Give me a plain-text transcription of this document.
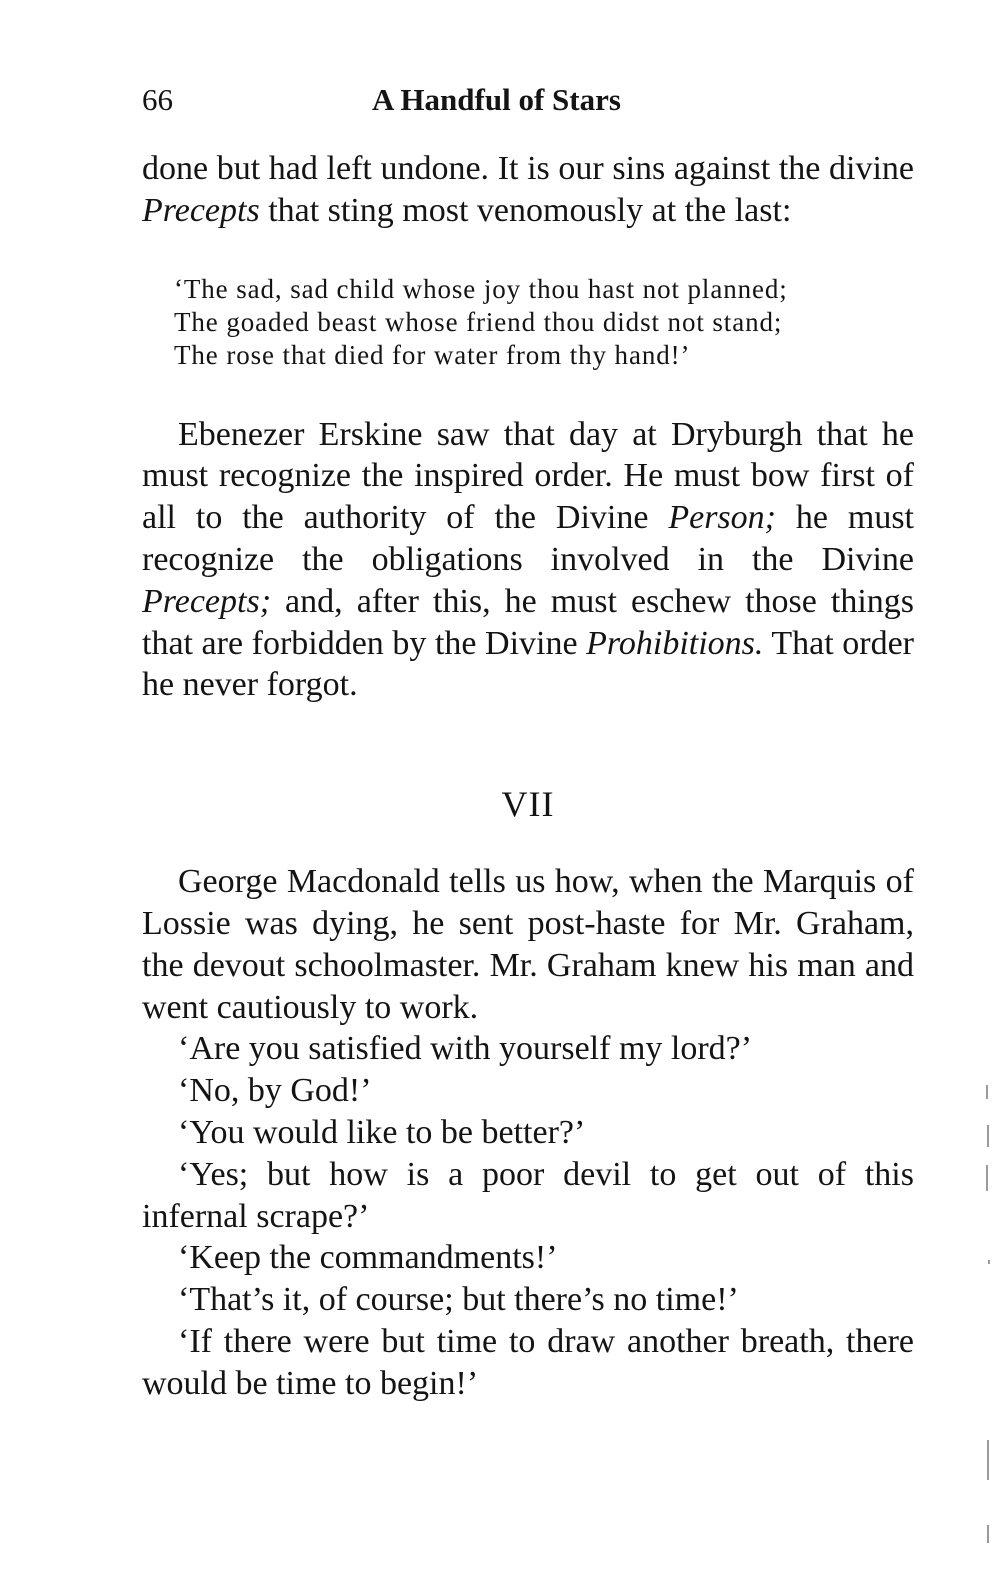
66	A Handful of Stars

done but had left undone. It is our sins against the divine Precepts that sting most venomously at the last:

‘The sad, sad child whose joy thou hast not planned;
The goaded beast whose friend thou didst not stand;
The rose that died for water from thy hand!’

Ebenezer Erskine saw that day at Dryburgh that he must recognize the inspired order. He must bow first of all to the authority of the Divine Person; he must recognize the obligations involved in the Divine Precepts; and, after this, he must eschew those things that are forbidden by the Divine Prohibitions. That order he never forgot.

VII

George Macdonald tells us how, when the Marquis of Lossie was dying, he sent post-haste for Mr. Graham, the devout schoolmaster. Mr. Graham knew his man and went cautiously to work.

‘Are you satisfied with yourself my lord?’

‘No, by God!’

‘You would like to be better?’

‘Yes; but how is a poor devil to get out of this infernal scrape?’

‘Keep the commandments!’

‘That’s it, of course; but there’s no time!’

‘If there were but time to draw another breath, there would be time to begin!’
